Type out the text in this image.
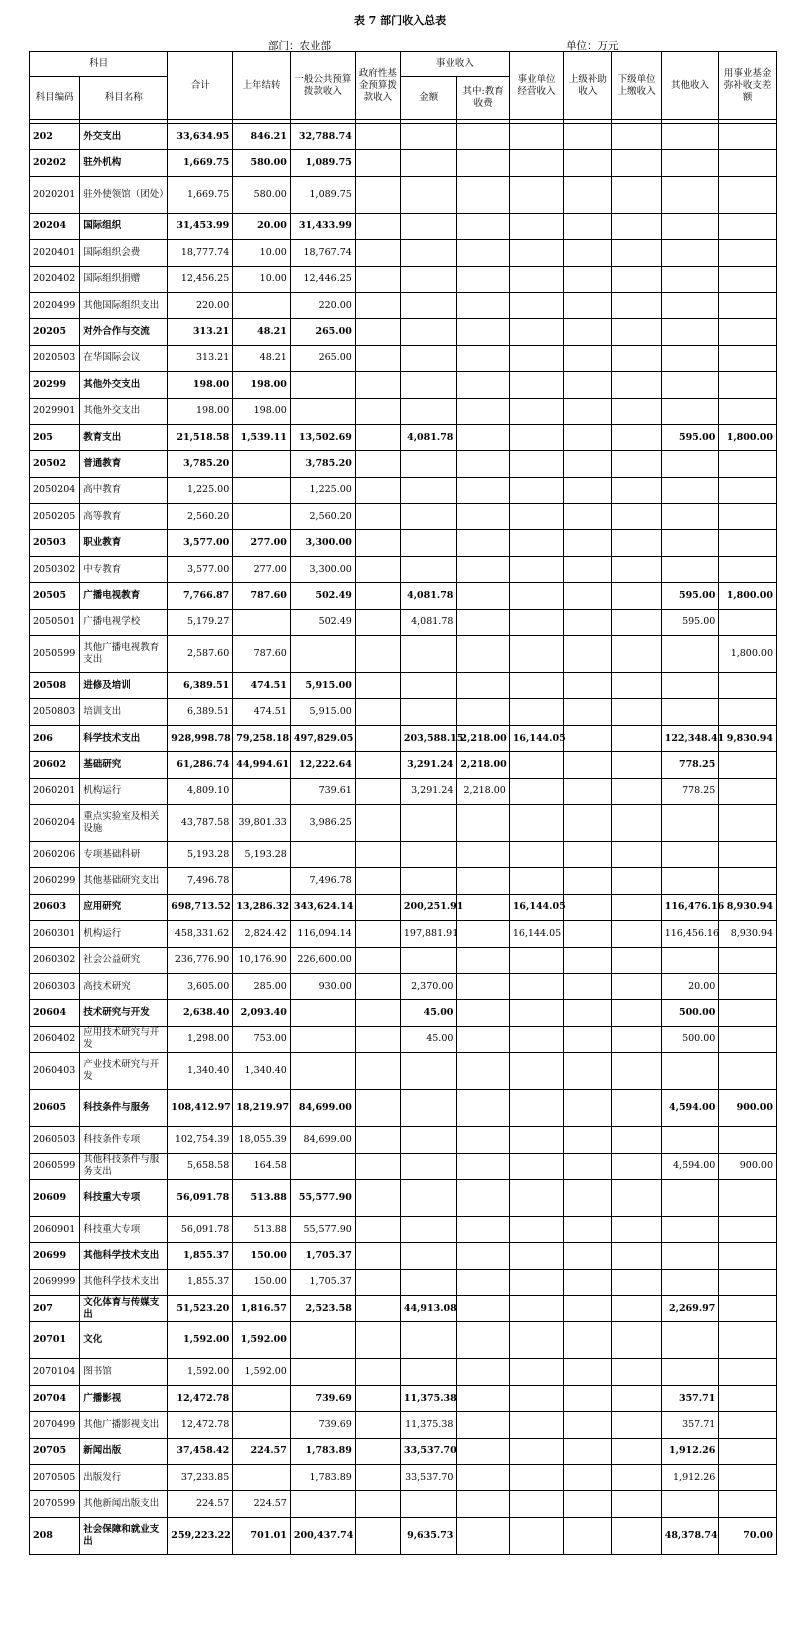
表 7 部门收入总表
部门：农业部	单位：万元
科目		合计	上年结转	一般公共预算拨款收入	政府性基金预算拨款收入	事业收入		事业单位经营收入	上级补助收入	下级单位上缴收入	其他收入	用事业基金弥补收支差额
科目编码	科目名称					金额	其中:教育收费					

202	外交支出	33,634.95	846.21	32,788.74								
20202	驻外机构	1,669.75	580.00	1,089.75								
2020201	驻外使领馆（团处）	1,669.75	580.00	1,089.75								
20204	国际组织	31,453.99	20.00	31,433.99								
2020401	国际组织会费	18,777.74	10.00	18,767.74								
2020402	国际组织捐赠	12,456.25	10.00	12,446.25								
2020499	其他国际组织支出	220.00		220.00								
20205	对外合作与交流	313.21	48.21	265.00								
2020503	在华国际会议	313.21	48.21	265.00								
20299	其他外交支出	198.00	198.00									
2029901	其他外交支出	198.00	198.00									
205	教育支出	21,518.58	1,539.11	13,502.69		4,081.78					595.00	1,800.00
20502	普通教育	3,785.20		3,785.20								
2050204	高中教育	1,225.00		1,225.00								
2050205	高等教育	2,560.20		2,560.20								
20503	职业教育	3,577.00	277.00	3,300.00								
2050302	中专教育	3,577.00	277.00	3,300.00								
20505	广播电视教育	7,766.87	787.60	502.49		4,081.78					595.00	1,800.00
2050501	广播电视学校	5,179.27		502.49		4,081.78					595.00	
2050599	其他广播电视教育支出	2,587.60	787.60									1,800.00
20508	进修及培训	6,389.51	474.51	5,915.00								
2050803	培训支出	6,389.51	474.51	5,915.00								
206	科学技术支出	928,998.78	79,258.18	497,829.05		203,588.15	2,218.00	16,144.05			122,348.41	9,830.94
20602	基础研究	61,286.74	44,994.61	12,222.64		3,291.24	2,218.00				778.25	
2060201	机构运行	4,809.10		739.61		3,291.24	2,218.00				778.25	
2060204	重点实验室及相关设施	43,787.58	39,801.33	3,986.25								
2060206	专项基础科研	5,193.28	5,193.28									
2060299	其他基础研究支出	7,496.78		7,496.78								
20603	应用研究	698,713.52	13,286.32	343,624.14		200,251.91		16,144.05			116,476.16	8,930.94
2060301	机构运行	458,331.62	2,824.42	116,094.14		197,881.91		16,144.05			116,456.16	8,930.94
2060302	社会公益研究	236,776.90	10,176.90	226,600.00								
2060303	高技术研究	3,605.00	285.00	930.00		2,370.00					20.00	
20604	技术研究与开发	2,638.40	2,093.40			45.00					500.00	
2060402	应用技术研究与开发	1,298.00	753.00			45.00					500.00	
2060403	产业技术研究与开发	1,340.40	1,340.40									
20605	科技条件与服务	108,412.97	18,219.97	84,699.00							4,594.00	900.00
2060503	科技条件专项	102,754.39	18,055.39	84,699.00								
2060599	其他科技条件与服务支出	5,658.58	164.58								4,594.00	900.00
20609	科技重大专项	56,091.78	513.88	55,577.90								
2060901	科技重大专项	56,091.78	513.88	55,577.90								
20699	其他科学技术支出	1,855.37	150.00	1,705.37								
2069999	其他科学技术支出	1,855.37	150.00	1,705.37								
207	文化体育与传媒支出	51,523.20	1,816.57	2,523.58		44,913.08					2,269.97	
20701	文化	1,592.00	1,592.00									
2070104	图书馆	1,592.00	1,592.00									
20704	广播影视	12,472.78		739.69		11,375.38					357.71	
2070499	其他广播影视支出	12,472.78		739.69		11,375.38					357.71	
20705	新闻出版	37,458.42	224.57	1,783.89		33,537.70					1,912.26	
2070505	出版发行	37,233.85		1,783.89		33,537.70					1,912.26	
2070599	其他新闻出版支出	224.57	224.57									
208	社会保障和就业支出	259,223.22	701.01	200,437.74		9,635.73					48,378.74	70.00
